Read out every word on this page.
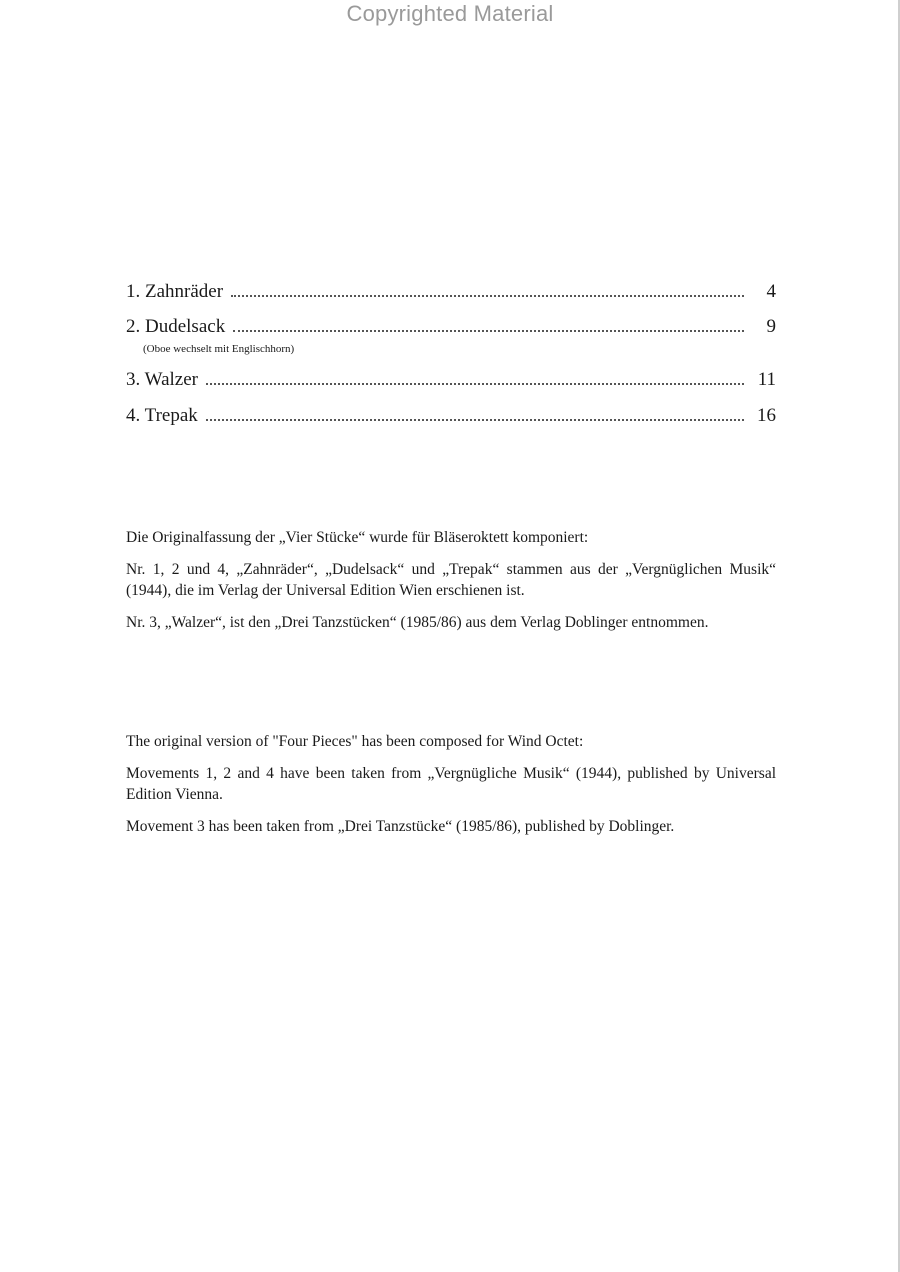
Copyrighted Material
1. Zahnräder	4
2. Dudelsack	9
(Oboe wechselt mit Englischhorn)
3. Walzer	11
4. Trepak	16

Die Originalfassung der „Vier Stücke“ wurde für Bläseroktett komponiert:

Nr. 1, 2 und 4, „Zahnräder“, „Dudelsack“ und „Trepak“ stammen aus der „Vergnüglichen Musik“ (1944), die im Verlag der Universal Edition Wien erschienen ist.

Nr. 3, „Walzer“, ist den „Drei Tanzstücken“ (1985/86) aus dem Verlag Doblinger entnommen.

The original version of "Four Pieces" has been composed for Wind Octet:

Movements 1, 2 and 4 have been taken from „Vergnügliche Musik“ (1944), published by Universal Edition Vienna.

Movement 3 has been taken from „Drei Tanzstücke“ (1985/86), published by Doblinger.
